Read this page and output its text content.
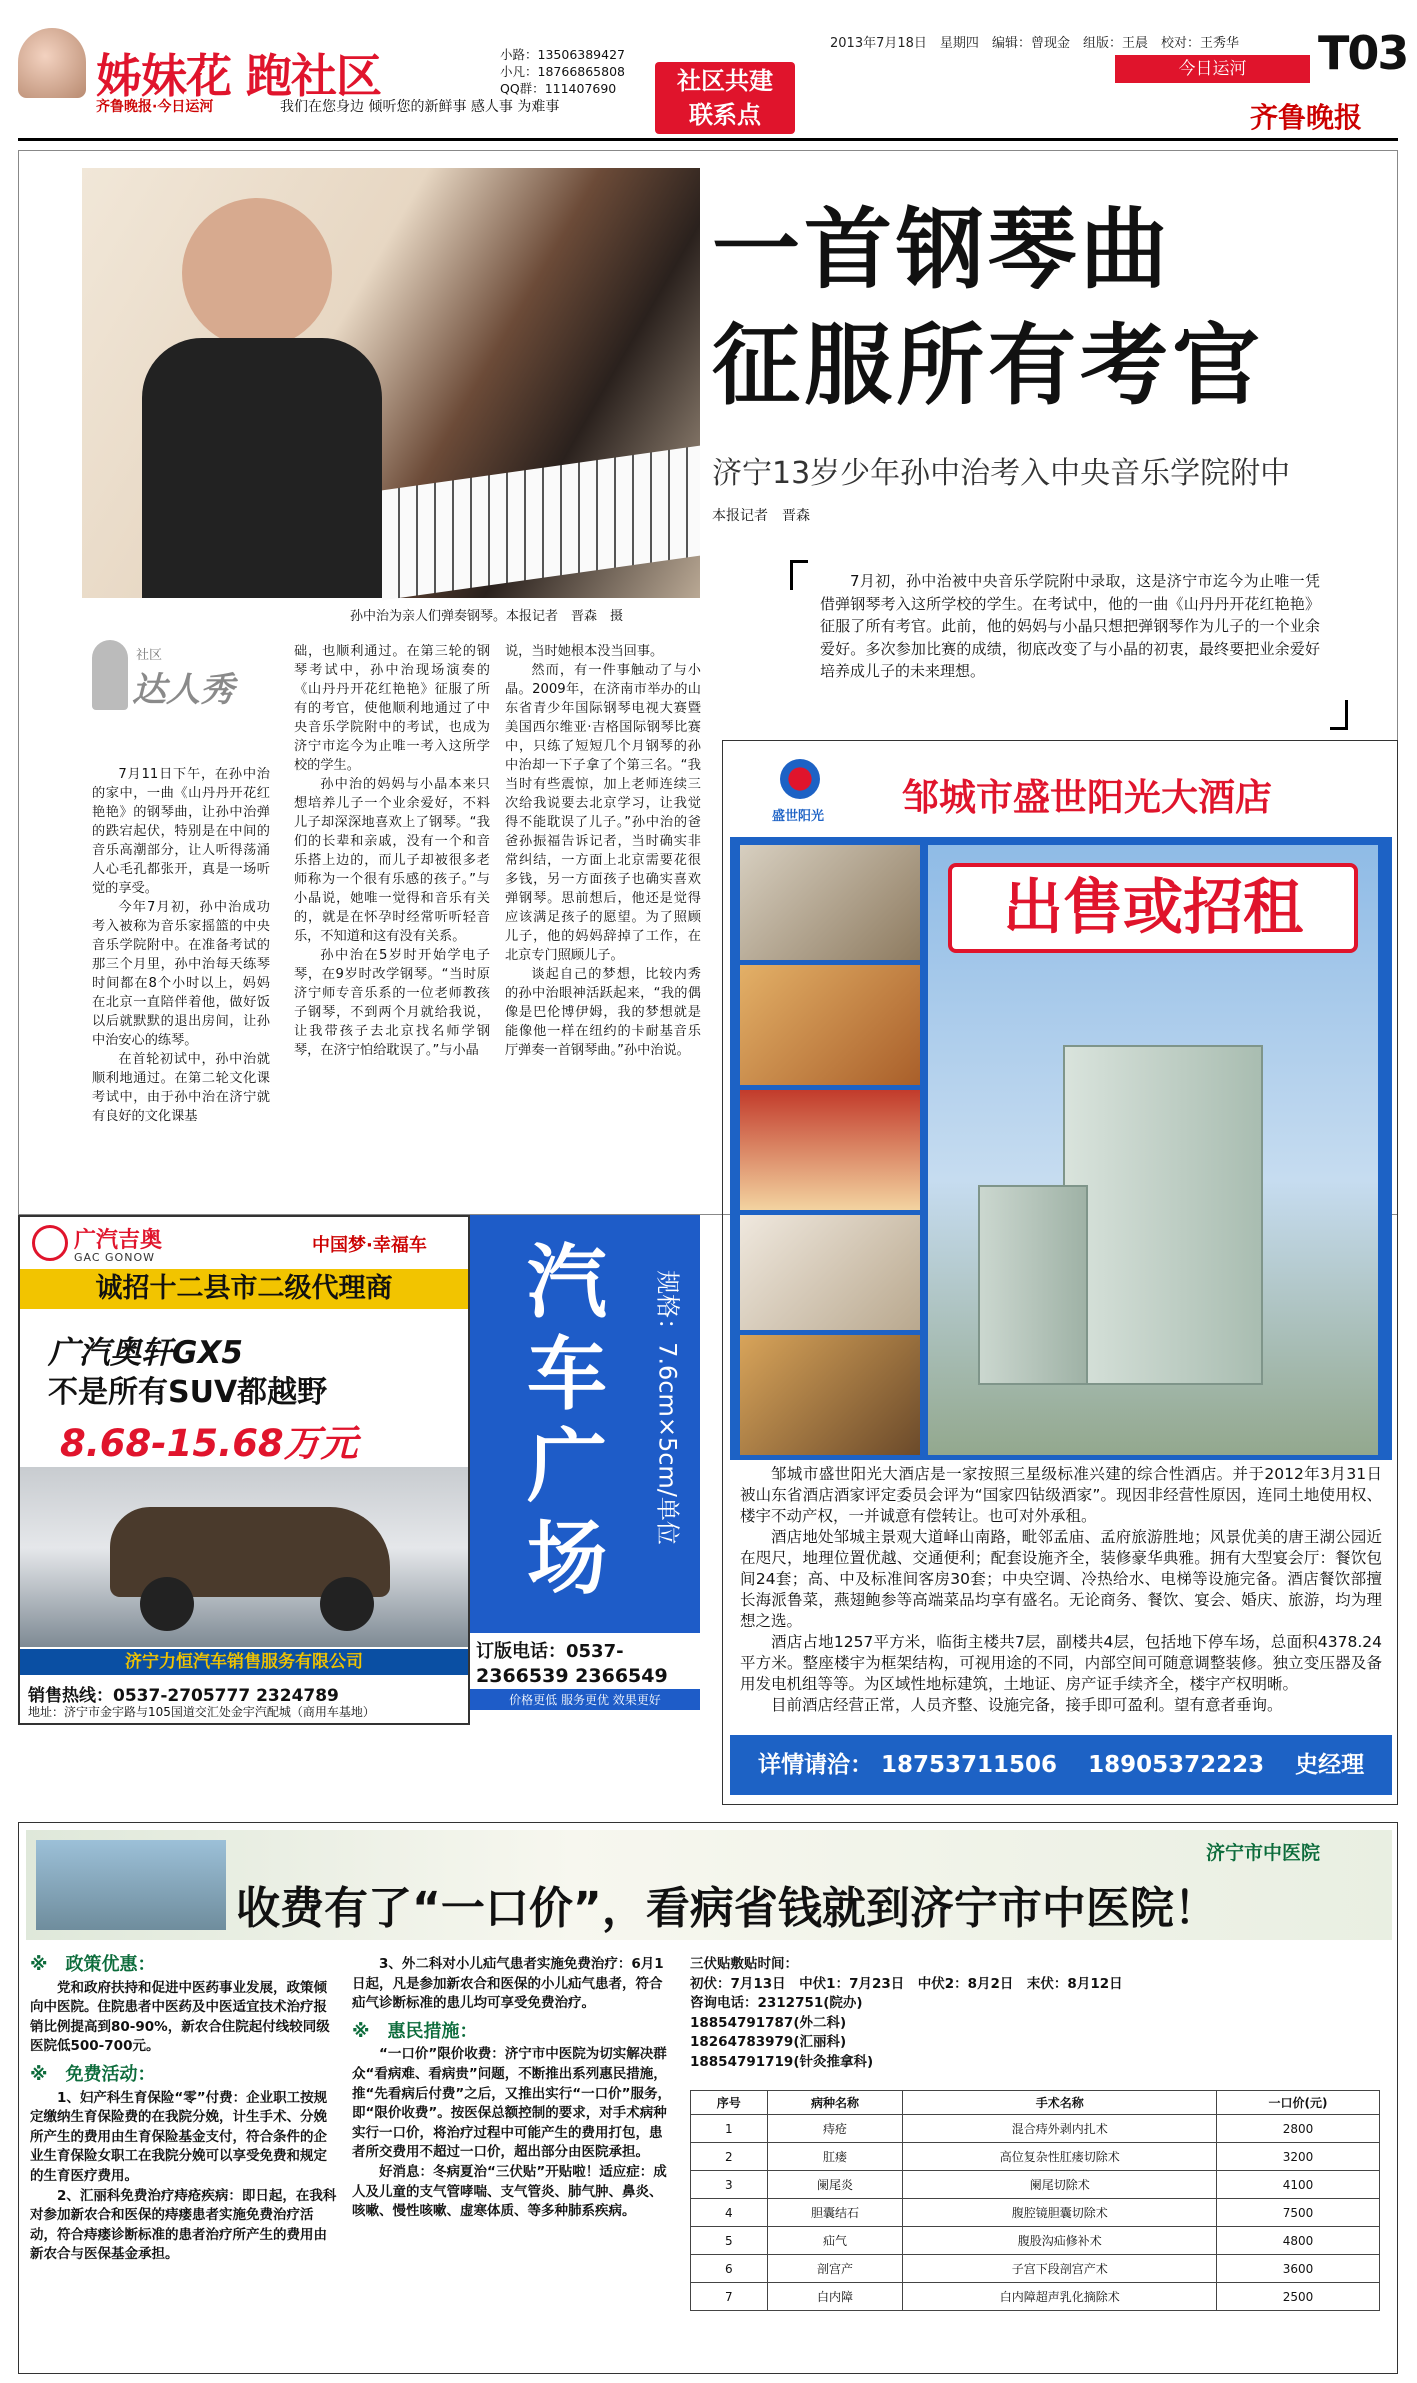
姊妹花 跑社区
齐鲁晚报·今日运河	我们在您身边 倾听您的新鲜事 感人事 为难事
小路：13506389427
小凡：18766865808
QQ群：111407690	社区共建
联系点
2013年7月18日　 星期四　 编辑：曾现金　 组版：王晨　 校对：王秀华 T03
今日运河
齐鲁晚报
孙中治为亲人们弹奏钢琴。本报记者　晋森　摄
一首钢琴曲
征服所有考官
济宁13岁少年孙中治考入中央音乐学院附中
本报记者　晋森
7月初，孙中治被中央音乐学院附中录取，这是济宁市迄今为止唯一凭借弹钢琴考入这所学校的学生。在考试中，他的一曲《山丹丹开花红艳艳》征服了所有考官。此前，他的妈妈与小晶只想把弹钢琴作为儿子的一个业余爱好。多次参加比赛的成绩，彻底改变了与小晶的初衷，最终要把业余爱好培养成儿子的未来理想。
社区
达人秀

7月11日下午，在孙中治的家中，一曲《山丹丹开花红艳艳》的钢琴曲，让孙中治弹的跌宕起伏，特别是在中间的音乐高潮部分，让人听得荡涌人心毛孔都张开，真是一场听觉的享受。

今年7月初，孙中治成功考入被称为音乐家摇篮的中央音乐学院附中。在准备考试的那三个月里，孙中治每天练琴时间都在8个小时以上，妈妈在北京一直陪伴着他，做好饭以后就默默的退出房间，让孙中治安心的练琴。

在首轮初试中，孙中治就顺利地通过。在第二轮文化课考试中，由于孙中治在济宁就有良好的文化课基

础，也顺利通过。在第三轮的钢琴考试中，孙中治现场演奏的《山丹丹开花红艳艳》征服了所有的考官，使他顺利地通过了中央音乐学院附中的考试，也成为济宁市迄今为止唯一考入这所学校的学生。

孙中治的妈妈与小晶本来只想培养儿子一个业余爱好，不料儿子却深深地喜欢上了钢琴。“我们的长辈和亲戚，没有一个和音乐搭上边的，而儿子却被很多老师称为一个很有乐感的孩子。”与小晶说，她唯一觉得和音乐有关的，就是在怀孕时经常听听轻音乐，不知道和这有没有关系。

孙中治在5岁时开始学电子琴，在9岁时改学钢琴。“当时原济宁师专音乐系的一位老师教孩子钢琴，不到两个月就给我说，让我带孩子去北京找名师学钢琴，在济宁怕给耽误了。”与小晶

说，当时她根本没当回事。

然而，有一件事触动了与小晶。2009年，在济南市举办的山东省青少年国际钢琴电视大赛暨美国西尔维亚·吉格国际钢琴比赛中，只练了短短几个月钢琴的孙中治却一下子拿了个第三名。“我当时有些震惊，加上老师连续三次给我说要去北京学习，让我觉得不能耽误了儿子。”孙中治的爸爸孙振福告诉记者，当时确实非常纠结，一方面上北京需要花很多钱，另一方面孩子也确实喜欢弹钢琴。思前想后，他还是觉得应该满足孩子的愿望。为了照顾儿子，他的妈妈辞掉了工作，在北京专门照顾儿子。

谈起自己的梦想，比较内秀的孙中治眼神活跃起来，“我的偶像是巴伦博伊姆，我的梦想就是能像他一样在纽约的卡耐基音乐厅弹奏一首钢琴曲。”孙中治说。

广汽吉奥
GAC GONOW
中国梦·幸福车
诚招十二县市二级代理商
广汽奥轩GX5
不是所有SUV都越野
8.68-15.68万元
济宁力恒汽车销售服务有限公司
销售热线：0537-2705777 2324789
地址：济宁市金宇路与105国道交汇处金宇汽配城（商用车基地）
汽车广场
规格：7.6cm×5cm/单位
订版电话：0537-
2366539 2366549
价格更低 服务更优 效果更好
盛世阳光 邹城市盛世阳光大酒店
出售或招租

邹城市盛世阳光大酒店是一家按照三星级标准兴建的综合性酒店。并于2012年3月31日被山东省酒店酒家评定委员会评为“国家四钻级酒家”。现因非经营性原因，连同土地使用权、楼宇不动产权，一并诚意有偿转让。也可对外承租。

酒店地处邹城主景观大道峄山南路，毗邻孟庙、孟府旅游胜地；风景优美的唐王湖公园近在咫尺，地理位置优越、交通便利；配套设施齐全，装修豪华典雅。拥有大型宴会厅：餐饮包间24套；高、中及标准间客房30套；中央空调、冷热给水、电梯等设施完备。酒店餐饮部擅长海派鲁菜，燕翅鲍参等高端菜品均享有盛名。无论商务、餐饮、宴会、婚庆、旅游，均为理想之选。

酒店占地1257平方米，临街主楼共7层，副楼共4层，包括地下停车场，总面积4378.24平方米。整座楼宇为框架结构，可视用途的不同，内部空间可随意调整装修。独立变压器及备用发电机组等等。为区域性地标建筑，土地证、房产证手续齐全，楼宇产权明晰。

目前酒店经营正常，人员齐整、设施完备，接手即可盈利。望有意者垂询。

详情请洽： 18753711506　 18905372223　 史经理
济宁市中医院
收费有了“一口价”，看病省钱就到济宁市中医院！
※　政策优惠：

党和政府扶持和促进中医药事业发展，政策倾向中医院。住院患者中医药及中医适宜技术治疗报销比例提高到80-90%，新农合住院起付线较同级医院低500-700元。

※　免费活动：

1、妇产科生育保险“零”付费：企业职工按规定缴纳生育保险费的在我院分娩，计生手术、分娩所产生的费用由生育保险基金支付，符合条件的企业生育保险女职工在我院分娩可以享受免费和规定的生育医疗费用。

2、汇丽科免费治疗痔疮疾病：即日起，在我科对参加新农合和医保的痔瘘患者实施免费治疗活动，符合痔瘘诊断标准的患者治疗所产生的费用由新农合与医保基金承担。

3、外二科对小儿疝气患者实施免费治疗：6月1日起，凡是参加新农合和医保的小儿疝气患者，符合疝气诊断标准的患儿均可享受免费治疗。

※　惠民措施：

“一口价”限价收费：济宁市中医院为切实解决群众“看病难、看病贵”问题，不断推出系列惠民措施，推“先看病后付费”之后，又推出实行“一口价”服务，即“限价收费”。按医保总额控制的要求，对手术病种实行一口价，将治疗过程中可能产生的费用打包，患者所交费用不超过一口价，超出部分由医院承担。

好消息：冬病夏治“三伏贴”开贴啦！适应症：成人及儿童的支气管哮喘、支气管炎、肺气肿、鼻炎、咳嗽、慢性咳嗽、虚寒体质、等多种肺系疾病。

三伏贴敷贴时间：
初伏：7月13日　中伏1：7月23日　中伏2：8月2日　末伏：8月12日
咨询电话：2312751(院办)
18854791787(外二科)
18264783979(汇丽科)
18854791719(针灸推拿科)
序号	病种名称	手术名称	一口价(元)
1	痔疮	混合痔外剥内扎术	2800
2	肛瘘	高位复杂性肛瘘切除术	3200
3	阑尾炎	阑尾切除术	4100
4	胆囊结石	腹腔镜胆囊切除术	7500
5	疝气	腹股沟疝修补术	4800
6	剖宫产	子宫下段剖宫产术	3600
7	白内障	白内障超声乳化摘除术	2500
